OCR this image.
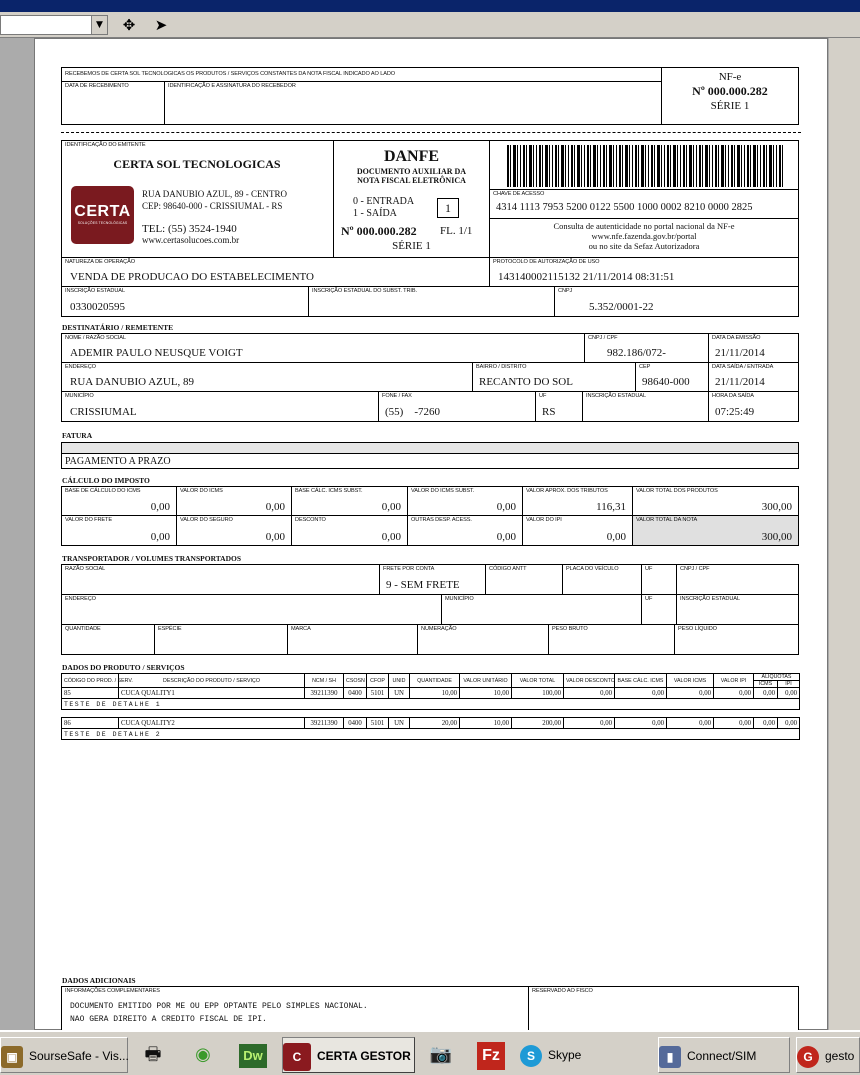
▼	✥	➤
RECEBEMOS DE CERTA SOL TECNOLOGICAS OS PRODUTOS / SERVIÇOS CONSTANTES DA NOTA FISCAL INDICADO AO LADO
DATA DE RECEBIMENTO	IDENTIFICAÇÃO E ASSINATURA DO RECEBEDOR
NF-e
Nº 000.000.282
SÉRIE 1
IDENTIFICAÇÃO DO EMITENTE
CERTA SOL TECNOLOGICAS
CERTA
SOLUÇÕES TECNOLÓGICAS
RUA DANUBIO AZUL, 89 - CENTRO
CEP: 98640-000 - CRISSIUMAL - RS
TEL: (55) 3524-1940
www.certasolucoes.com.br
DANFE
DOCUMENTO AUXILIAR DA
NOTA FISCAL ELETRÔNICA
0 - ENTRADA
1 - SAÍDA	1
Nº 000.000.282 FL. 1/1
SÉRIE 1
CHAVE DE ACESSO
4314 1113 7953 5200 0122 5500 1000 0002 8210 0000 2825
Consulta de autenticidade no portal nacional da NF-e
www.nfe.fazenda.gov.br/portal
ou no site da Sefaz Autorizadora
NATUREZA DE OPERAÇÃO
VENDA DE PRODUCAO DO ESTABELECIMENTO
PROTOCOLO DE AUTORIZAÇÃO DE USO
143140002115132 21/11/2014 08:31:51
INSCRIÇÃO ESTADUAL
0330020595
INSCRIÇÃO ESTADUAL DO SUBST. TRIB.	CNPJ
5.352/0001-22
DESTINATÁRIO / REMETENTE
NOME / RAZÃO SOCIAL
ADEMIR PAULO NEUSQUE VOIGT
CNPJ / CPF
982.186/072-
DATA DA EMISSÃO
21/11/2014
ENDEREÇO
RUA DANUBIO AZUL, 89
BAIRRO / DISTRITO
RECANTO DO SOL
CEP
98640-000
DATA SAÍDA / ENTRADA
21/11/2014
MUNICÍPIO
CRISSIUMAL
FONE / FAX
(55)    -7260
UF
RS
INSCRIÇÃO ESTADUAL	HORA DA SAÍDA
07:25:49
FATURA
PAGAMENTO A PRAZO
CÁLCULO DO IMPOSTO
BASE DE CÁLCULO DO ICMS
0,00
VALOR DO ICMS
0,00
BASE CÁLC. ICMS SUBST.
0,00
VALOR DO ICMS SUBST.
0,00
VALOR APROX. DOS TRIBUTOS
116,31
VALOR TOTAL DOS PRODUTOS
300,00
VALOR DO FRETE
0,00
VALOR DO SEGURO
0,00
DESCONTO
0,00
OUTRAS DESP. ACESS.
0,00
VALOR DO IPI
0,00
VALOR TOTAL DA NOTA
300,00
TRANSPORTADOR / VOLUMES TRANSPORTADOS
RAZÃO SOCIAL	FRETE POR CONTA
9 - SEM FRETE
CÓDIGO ANTT	PLACA DO VEÍCULO	UF	CNPJ / CPF
ENDEREÇO	MUNICÍPIO	UF	INSCRIÇÃO ESTADUAL
QUANTIDADE	ESPÉCIE	MARCA	NUMERAÇÃO	PESO BRUTO	PESO LÍQUIDO
DADOS DO PRODUTO / SERVIÇOS
CÓDIGO DO PROD. / SERV.	DESCRIÇÃO DO PRODUTO / SERVIÇO	NCM / SH	CSOSN	CFOP	UNID	QUANTIDADE	VALOR UNITÁRIO	VALOR TOTAL	VALOR DESCONTO	BASE CÁLC. ICMS	VALOR ICMS	VALOR IPI	ALÍQUOTAS	
													ICMS	IPI
85	CUCA QUALITY1	39211390	0400	5101	UN	10,00	10,00	100,00	0,00	0,00	0,00	0,00	0,00	0,00
TESTE DE DETALHE 1														

86	CUCA QUALITY2	39211390	0400	5101	UN	20,00	10,00	200,00	0,00	0,00	0,00	0,00	0,00	0,00
TESTE DE DETALHE 2														
DADOS ADICIONAIS
INFORMAÇÕES COMPLEMENTARES
DOCUMENTO EMITIDO POR ME OU EPP OPTANTE PELO SIMPLES NACIONAL.
NAO GERA DIREITO A CREDITO FISCAL DE IPI.
RESERVADO AO FISCO
▣ SourseSafe - Vis... 🖶	◉	Dw	C CERTA GESTOR	📷	Fz	S Skype	▮ Connect/SIM	G gesto
